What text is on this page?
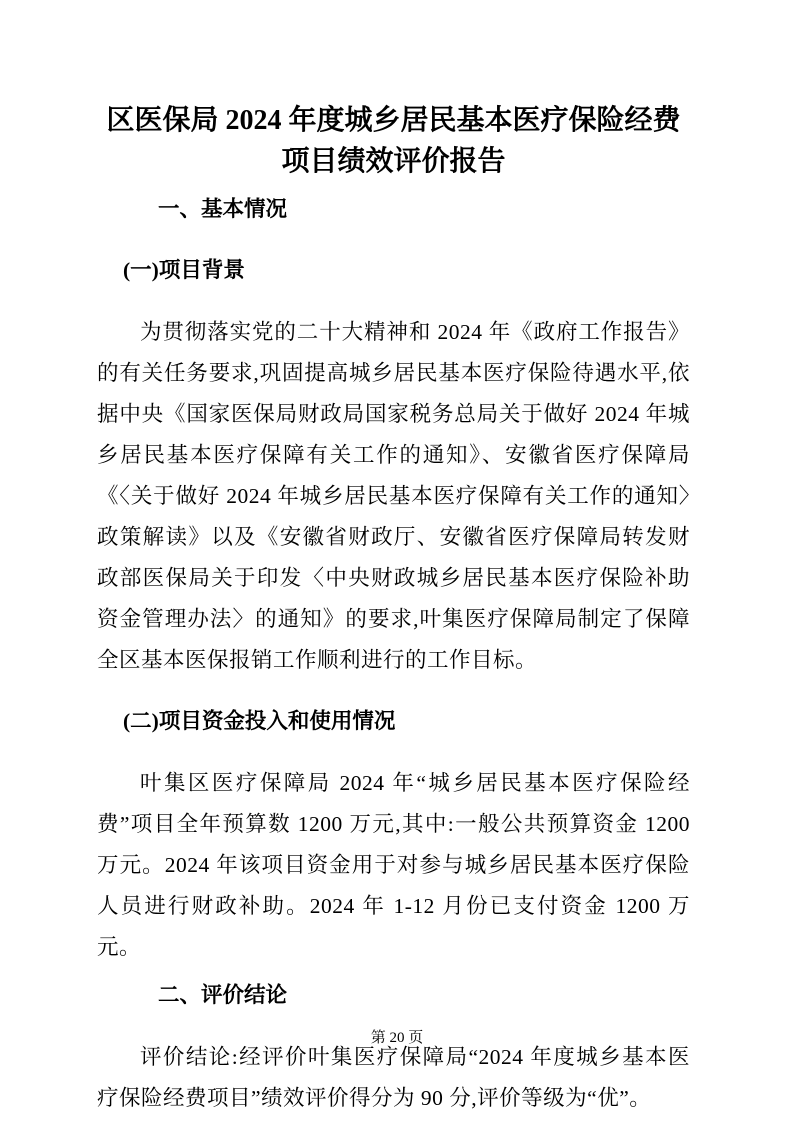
区医保局 2024 年度城乡居民基本医疗保险经费
项目绩效评价报告
一、基本情况
(一)项目背景

为贯彻落实党的二十大精神和 2024 年《政府工作报告》的有关任务要求,巩固提高城乡居民基本医疗保险待遇水平,依据中央《国家医保局财政局国家税务总局关于做好 2024 年城乡居民基本医疗保障有关工作的通知》、安徽省医疗保障局《〈关于做好 2024 年城乡居民基本医疗保障有关工作的通知〉政策解读》以及《安徽省财政厅、安徽省医疗保障局转发财政部医保局关于印发〈中央财政城乡居民基本医疗保险补助资金管理办法〉的通知》的要求,叶集医疗保障局制定了保障全区基本医保报销工作顺利进行的工作目标。

(二)项目资金投入和使用情况

叶集区医疗保障局 2024 年“城乡居民基本医疗保险经费”项目全年预算数 1200 万元,其中:一般公共预算资金 1200 万元。2024 年该项目资金用于对参与城乡居民基本医疗保险人员进行财政补助。2024 年 1-12 月份已支付资金 1200 万元。

二、评价结论

评价结论:经评价叶集医疗保障局“2024 年度城乡基本医疗保险经费项目”绩效评价得分为 90 分,评价等级为“优”。

第 20 页
